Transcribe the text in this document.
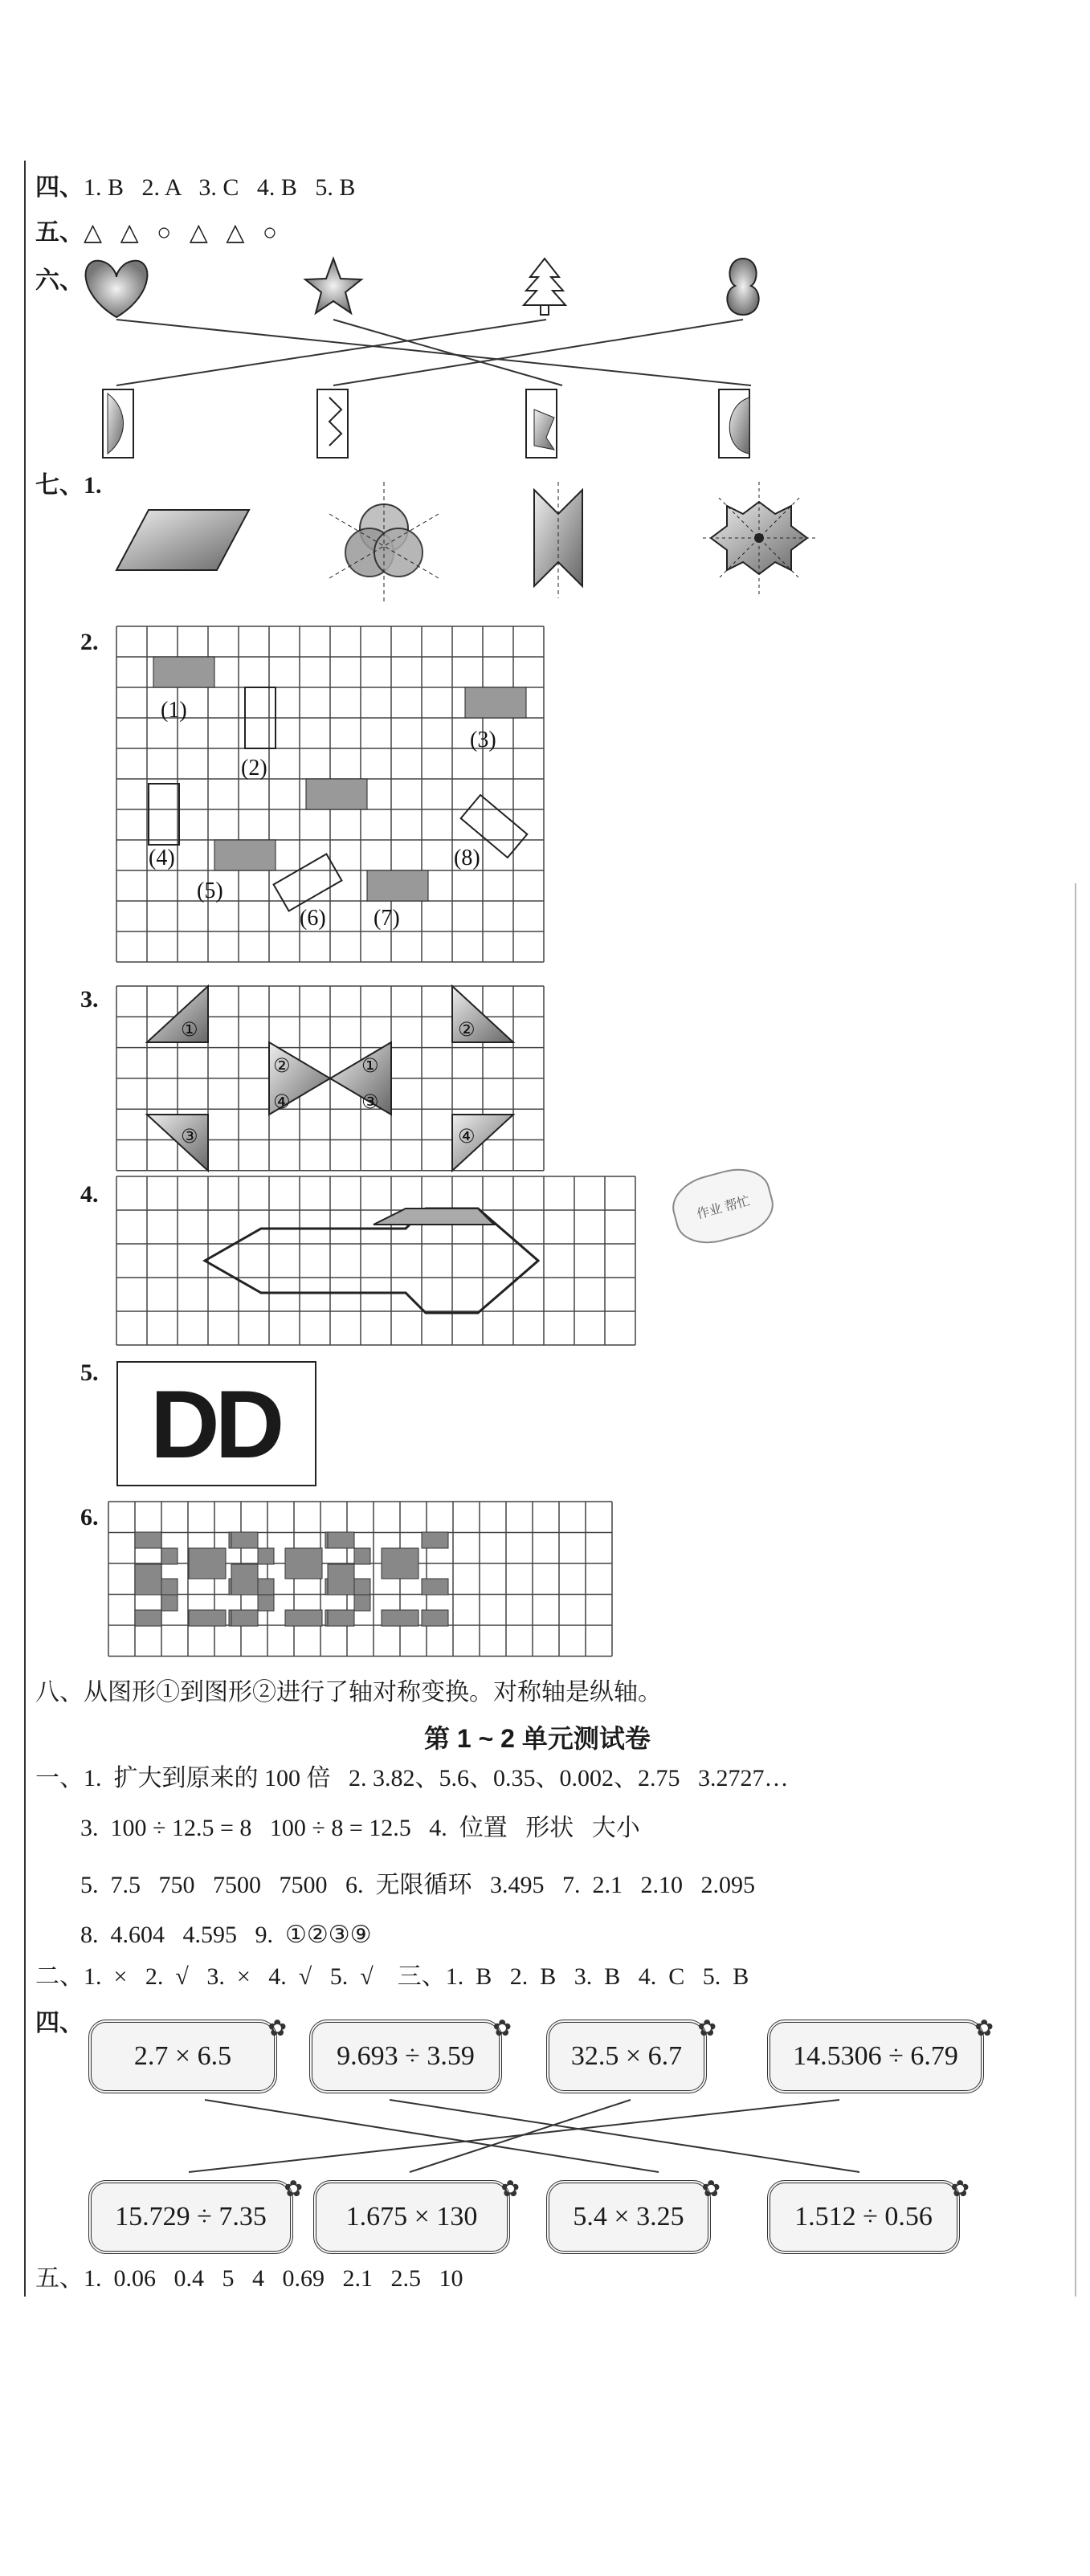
四、 1. B   2. A   3. C   4. B   5. B
五、 △   △   ○   △   △   ○
六、
七、1.
2.
(1)
(2)
(3)
(4)
(5)
(6) (7)
(8)
3.
①
②	①
④
③
③
②
④
4.	作业 帮忙
5. DD
6.
八、从图形①到图形②进行了轴对称变换。对称轴是纵轴。
第 1 ~ 2 单元测试卷
一、1.  扩大到原来的 100 倍   2. 3.82、5.6、0.35、0.002、2.75   3.2727…
3.  100 ÷ 12.5 = 8   100 ÷ 8 = 12.5   4.  位置   形状   大小
5.  7.5   750   7500   7500   6.  无限循环   3.495   7.  2.1   2.10   2.095
8.  4.604   4.595   9.  ①②③⑨
二、1.  ×   2.  √   3.  ×   4.  √   5.  √    三、1.  B   2.  B   3.  B   4.  C   5.  B
四、
2.7 × 6.5
✿
9.693 ÷ 3.59
✿
32.5 × 6.7
✿
14.5306 ÷ 6.79
✿
15.729 ÷ 7.35
✿
1.675 × 130
✿
5.4 × 3.25
✿
1.512 ÷ 0.56
✿
五、1.  0.06   0.4   5   4   0.69   2.1   2.5   10
